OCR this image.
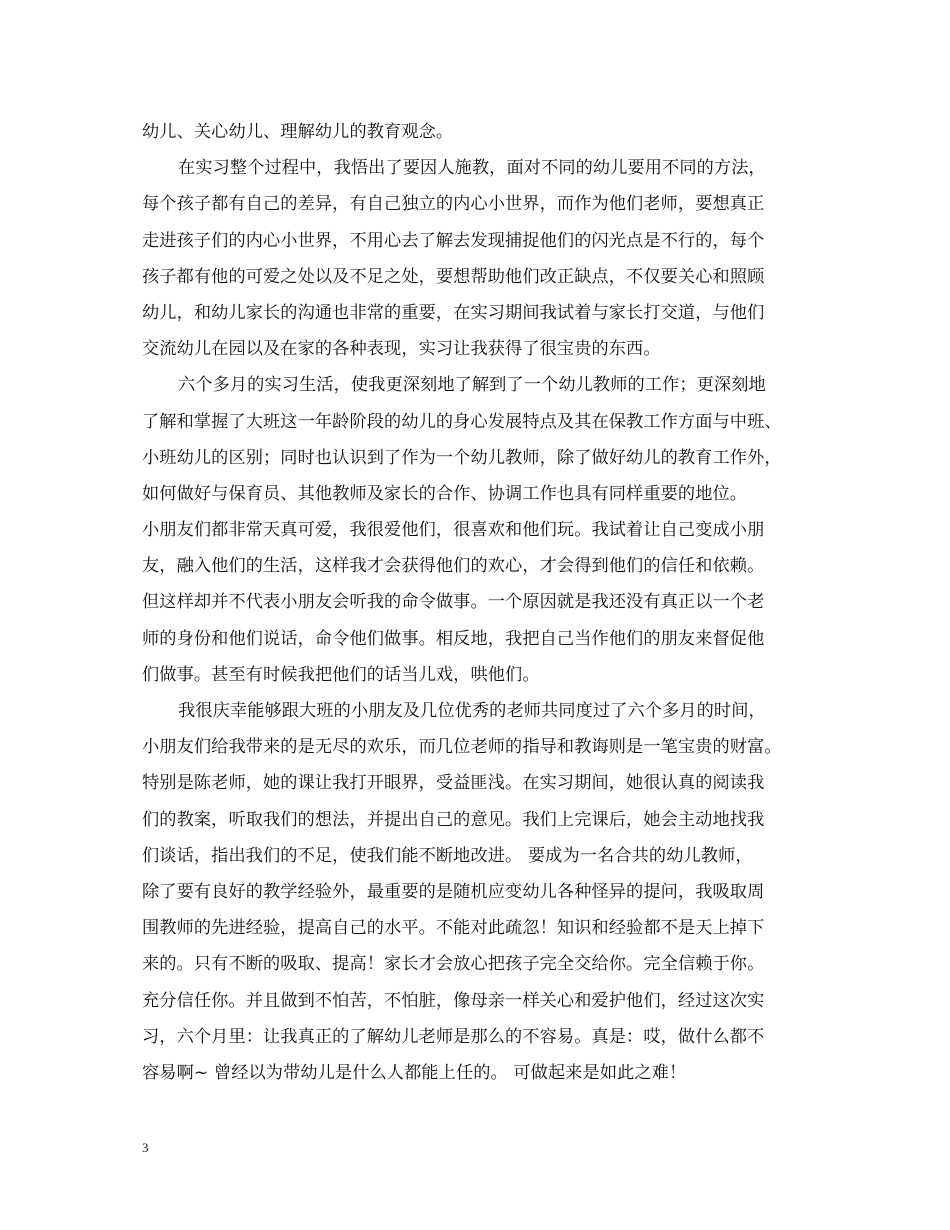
幼儿、关心幼儿、理解幼儿的教育观念。
在实习整个过程中，我悟出了要因人施教，面对不同的幼儿要用不同的方法，
每个孩子都有自己的差异，有自己独立的内心小世界，而作为他们老师，要想真正
走进孩子们的内心小世界，不用心去了解去发现捕捉他们的闪光点是不行的，每个
孩子都有他的可爱之处以及不足之处，要想帮助他们改正缺点，不仅要关心和照顾
幼儿，和幼儿家长的沟通也非常的重要，在实习期间我试着与家长打交道，与他们
交流幼儿在园以及在家的各种表现，实习让我获得了很宝贵的东西。
六个多月的实习生活，使我更深刻地了解到了一个幼儿教师的工作；更深刻地
了解和掌握了大班这一年龄阶段的幼儿的身心发展特点及其在保教工作方面与中班、
小班幼儿的区别；同时也认识到了作为一个幼儿教师，除了做好幼儿的教育工作外，
如何做好与保育员、其他教师及家长的合作、协调工作也具有同样重要的地位。
小朋友们都非常天真可爱，我很爱他们，很喜欢和他们玩。我试着让自己变成小朋
友，融入他们的生活，这样我才会获得他们的欢心，才会得到他们的信任和依赖。
但这样却并不代表小朋友会听我的命令做事。一个原因就是我还没有真正以一个老
师的身份和他们说话，命令他们做事。相反地，我把自己当作他们的朋友来督促他
们做事。甚至有时候我把他们的话当儿戏，哄他们。
我很庆幸能够跟大班的小朋友及几位优秀的老师共同度过了六个多月的时间，
小朋友们给我带来的是无尽的欢乐，而几位老师的指导和教诲则是一笔宝贵的财富。
特别是陈老师，她的课让我打开眼界，受益匪浅。在实习期间，她很认真的阅读我
们的教案，听取我们的想法，并提出自己的意见。我们上完课后，她会主动地找我
们谈话，指出我们的不足，使我们能不断地改进。 要成为一名合共的幼儿教师，
除了要有良好的教学经验外，最重要的是随机应变幼儿各种怪异的提问，我吸取周
围教师的先进经验，提高自己的水平。不能对此疏忽！知识和经验都不是天上掉下
来的。只有不断的吸取、提高！家长才会放心把孩子完全交给你。完全信赖于你。
充分信任你。并且做到不怕苦，不怕脏，像母亲一样关心和爱护他们，经过这次实
习，六个月里：让我真正的了解幼儿老师是那么的不容易。真是：哎，做什么都不
容易啊~ 曾经以为带幼儿是什么人都能上任的。 可做起来是如此之难！
3
